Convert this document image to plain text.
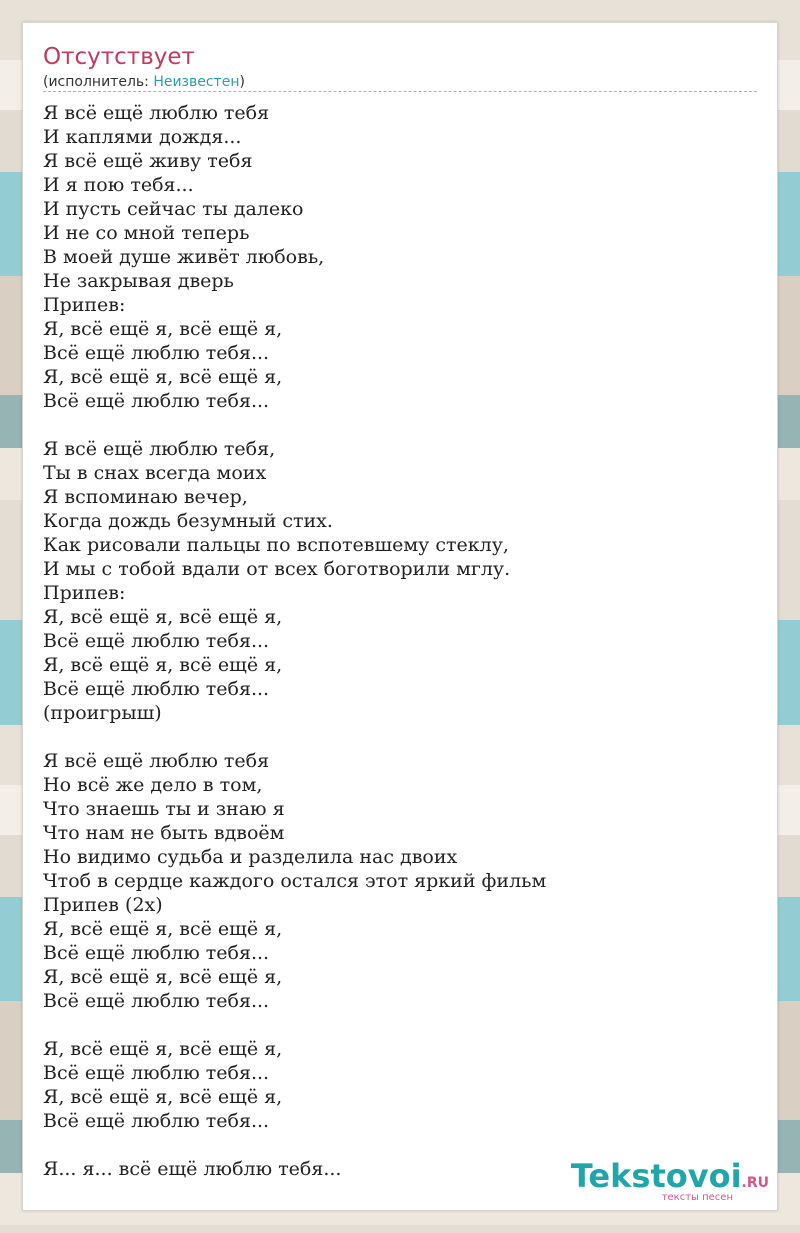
Отсутствует
(исполнитель: Неизвестен)
Я всё ещё люблю тебя
И каплями дождя...
Я всё ещё живу тебя
И я пою тебя...
И пусть сейчас ты далеко
И не со мной теперь
В моей душе живёт любовь,
Не закрывая дверь
Припев:
Я, всё ещё я, всё ещё я,
Всё ещё люблю тебя...
Я, всё ещё я, всё ещё я,
Всё ещё люблю тебя...
Я всё ещё люблю тебя,
Ты в снах всегда моих
Я вспоминаю вечер,
Когда дождь безумный стих.
Как рисовали пальцы по вспотевшему стеклу,
И мы с тобой вдали от всех боготворили мглу.
Припев:
Я, всё ещё я, всё ещё я,
Всё ещё люблю тебя...
Я, всё ещё я, всё ещё я,
Всё ещё люблю тебя...
(проигрыш)
Я всё ещё люблю тебя
Но всё же дело в том,
Что знаешь ты и знаю я
Что нам не быть вдвоём
Но видимо судьба и разделила нас двоих
Чтоб в сердце каждого остался этот яркий фильм
Припев (2х)
Я, всё ещё я, всё ещё я,
Всё ещё люблю тебя...
Я, всё ещё я, всё ещё я,
Всё ещё люблю тебя...
Я, всё ещё я, всё ещё я,
Всё ещё люблю тебя...
Я, всё ещё я, всё ещё я,
Всё ещё люблю тебя...
Я... я... всё ещё люблю тебя...	Tekstovoi.RU
тексты песен
